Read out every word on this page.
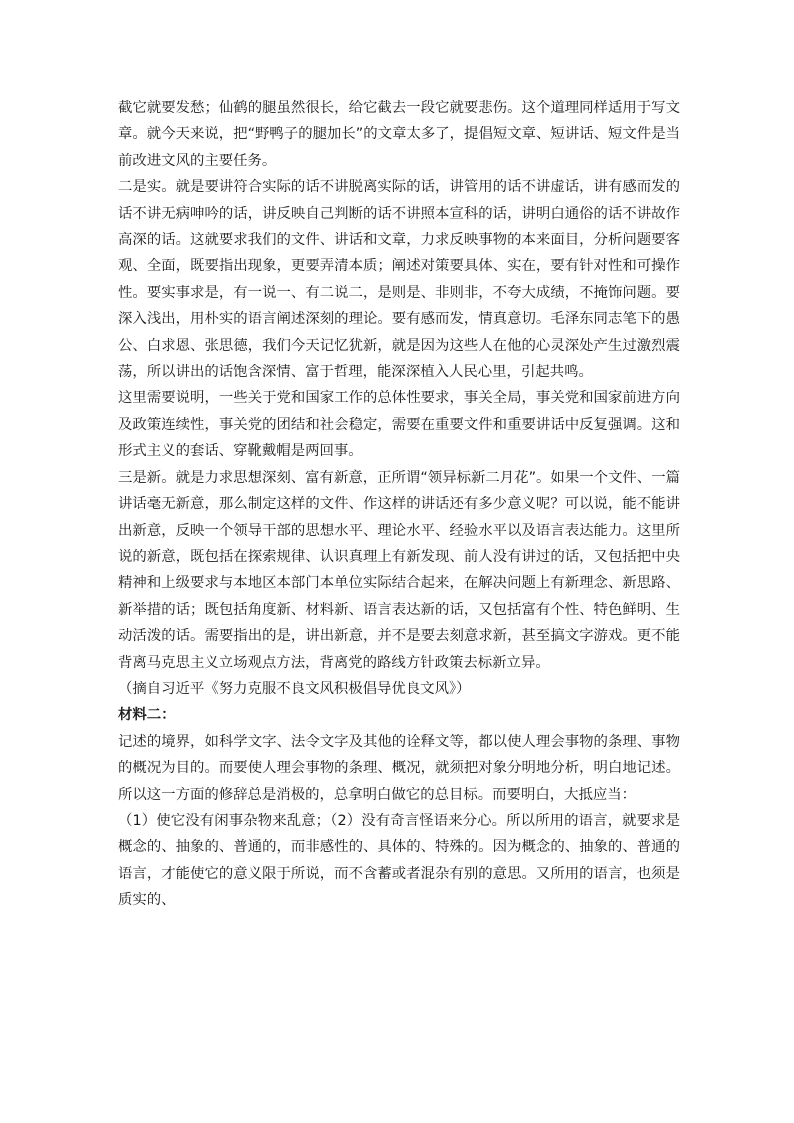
截它就要发愁；仙鹤的腿虽然很长，给它截去一段它就要悲伤。这个道理同样适用于写文章。就今天来说，把“野鸭子的腿加长”的文章太多了，提倡短文章、短讲话、短文件是当前改进文风的主要任务。

二是实。就是要讲符合实际的话不讲脱离实际的话，讲管用的话不讲虚话，讲有感而发的话不讲无病呻吟的话，讲反映自己判断的话不讲照本宣科的话，讲明白通俗的话不讲故作高深的话。这就要求我们的文件、讲话和文章，力求反映事物的本来面目，分析问题要客观、全面，既要指出现象，更要弄清本质；阐述对策要具体、实在，要有针对性和可操作性。要实事求是，有一说一、有二说二，是则是、非则非，不夸大成绩，不掩饰问题。要深入浅出，用朴实的语言阐述深刻的理论。要有感而发，情真意切。毛泽东同志笔下的愚公、白求恩、张思德，我们今天记忆犹新，就是因为这些人在他的心灵深处产生过激烈震荡，所以讲出的话饱含深情、富于哲理，能深深植入人民心里，引起共鸣。

这里需要说明，一些关于党和国家工作的总体性要求，事关全局，事关党和国家前进方向及政策连续性，事关党的团结和社会稳定，需要在重要文件和重要讲话中反复强调。这和形式主义的套话、穿靴戴帽是两回事。

三是新。就是力求思想深刻、富有新意，正所谓“领异标新二月花”。如果一个文件、一篇讲话毫无新意，那么制定这样的文件、作这样的讲话还有多少意义呢？可以说，能不能讲出新意，反映一个领导干部的思想水平、理论水平、经验水平以及语言表达能力。这里所说的新意，既包括在探索规律、认识真理上有新发现、前人没有讲过的话，又包括把中央精神和上级要求与本地区本部门本单位实际结合起来，在解决问题上有新理念、新思路、新举措的话；既包括角度新、材料新、语言表达新的话，又包括富有个性、特色鲜明、生动活泼的话。需要指出的是，讲出新意，并不是要去刻意求新，甚至搞文字游戏。更不能背离马克思主义立场观点方法，背离党的路线方针政策去标新立异。

（摘自习近平《努力克服不良文风积极倡导优良文风》）

材料二：

记述的境界，如科学文字、法令文字及其他的诠释文等，都以使人理会事物的条理、事物的概况为目的。而要使人理会事物的条理、概况，就须把对象分明地分析，明白地记述。所以这一方面的修辞总是消极的，总拿明白做它的总目标。而要明白，大抵应当：

（1）使它没有闲事杂物来乱意；（2）没有奇言怪语来分心。所以所用的语言，就要求是概念的、抽象的、普通的，而非感性的、具体的、特殊的。因为概念的、抽象的、普通的语言，才能使它的意义限于所说，而不含蓄或者混杂有别的意思。又所用的语言，也须是质实的、
